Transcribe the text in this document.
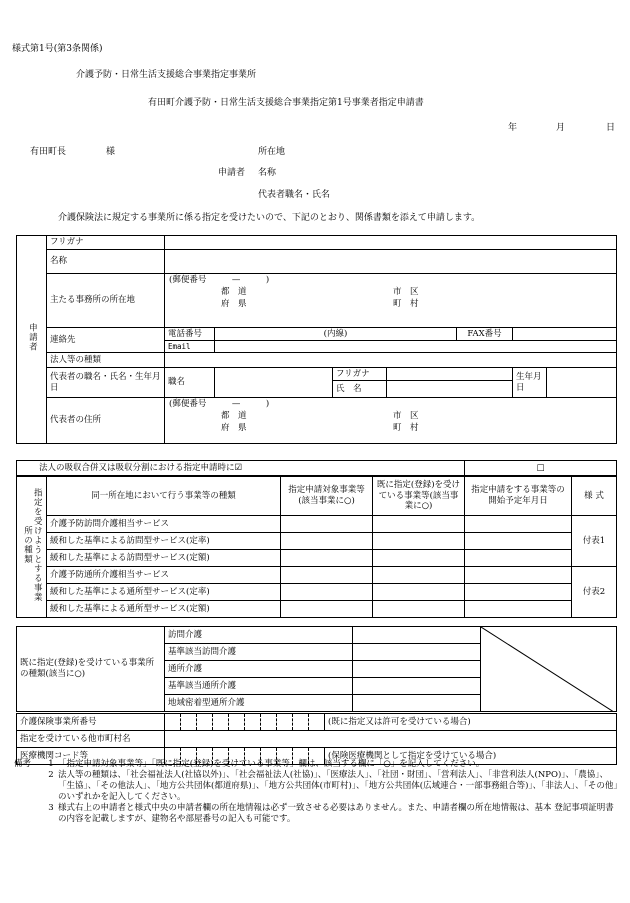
様式第1号(第3条関係)
介護予防・日常生活支援総合事業指定事業所
有田町介護予防・日常生活支援総合事業指定第1号事業者指定申請書
年	月	日
有田町長	様	所在地
申請者 名称
代表者職名・氏名
介護保険法に規定する事業所に係る指定を受けたいので、下記のとおり、関係書類を添えて申請します。
申請者	フリガナ							
	名称							
	主たる事務所の所在地	(郵便番号　　　—　　　)
都　道
府　県
市　区
町　村						

	連絡先	電話番号	(内線)			FAX番号		
		Email						
	法人等の種類							
	代表者の職名・氏名・生年月日	職名		フリガナ			生年月日	
				氏　名				
	代表者の住所	(郵便番号　　　—　　　)
都　道
府　県
市　区
町　村						
法人の吸収合併又は吸収分割における指定申請時に☑	□
指定を受けようとする事業所の種類	同一所在地において行う事業等の種類	指定申請対象事業等(該当事業に○)	既に指定(登録)を受けている事業等(該当事業に○)	指定申請をする事業等の開始予定年月日	様 式
	介護予防訪問介護相当サービス				付表1
	緩和した基準による訪問型サービス(定率)				
	緩和した基準による訪問型サービス(定額)				
	介護予防通所介護相当サービス				付表2
	緩和した基準による通所型サービス(定率)				
	緩和した基準による通所型サービス(定額)				
既に指定(登録)を受けている事業所の種類(該当に○)	訪問介護		

	基準該当訪問介護		
	通所介護		
	基準該当通所介護		
	地域密着型通所介護		
介護保険事業所番号											(既に指定又は許可を受けている場合)
指定を受けている他市町村名											
医療機関コード等											(保険医療機関として指定を受けている場合)
備考	1 「指定申請対象事業等」「既に指定(登録)を受けている事業等」欄は、該当する欄に「○」を記入してください。
2 法人等の種類は、「社会福祉法人(社協以外)」、「社会福祉法人(社協)」、「医療法人」、「社団・財団」、「営利法人」、「非営利法人(NPO)」、「農協」、「生協」、「その他法人」、「地方公共団体(都道府県)」、「地方公共団体(市町村)」、「地方公共団体(広域連合・一部事務組合等)」、「非法人」、「その他」のいずれかを記入してください。
3 様式右上の申請者と様式中央の申請者欄の所在地情報は必ず一致させる必要はありません。また、申請者欄の所在地情報は、基本 登記事項証明書の内容を記載しますが、建物名や部屋番号の記入も可能です。
